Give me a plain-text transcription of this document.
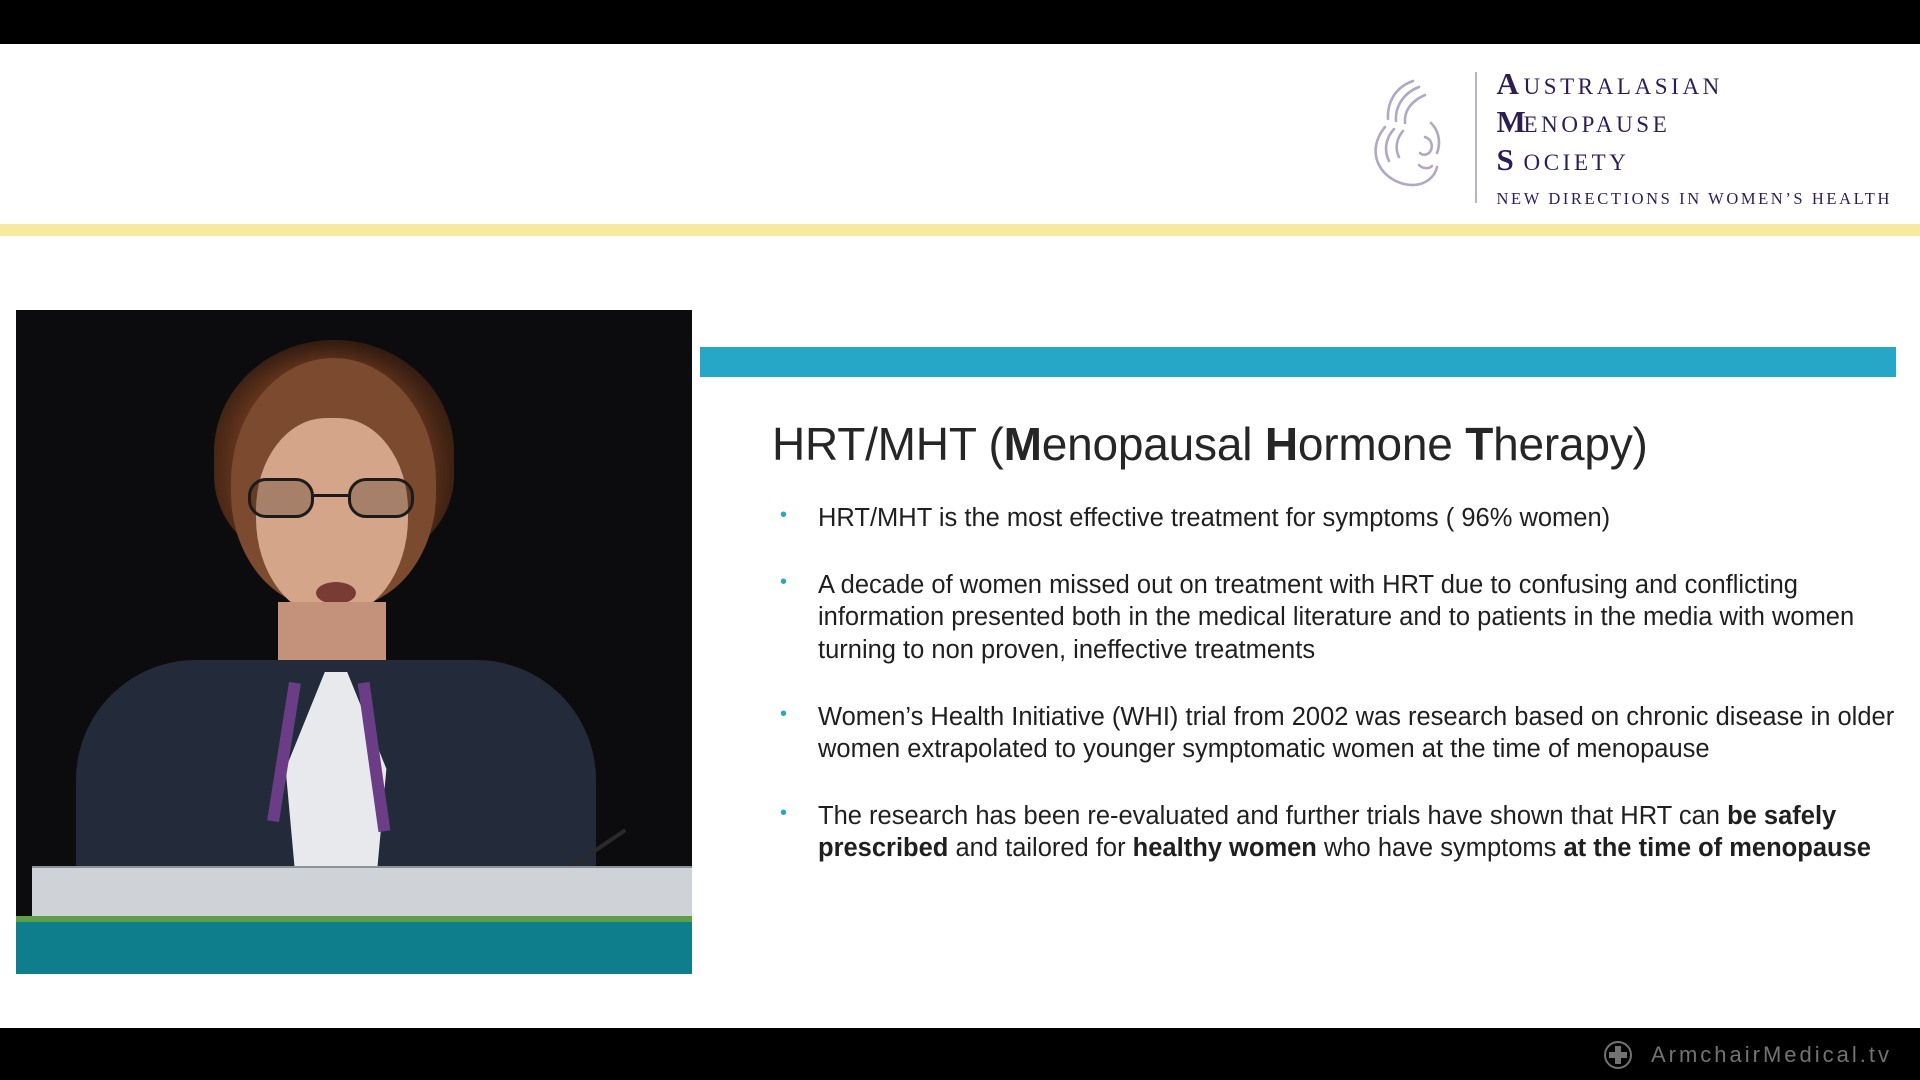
A USTRALASIAN
M
ENOPAUSE
S OCIETY
NEW DIRECTIONS IN WOMEN’S HEALTH
HRT/MHT (Menopausal Hormone Therapy)
• HRT/MHT is the most effective treatment for symptoms ( 96% women)
• A decade of women missed out on treatment with HRT due to confusing and conflicting information presented both in the medical literature and to patients in the media with women turning to non proven, ineffective treatments
• Women’s Health Initiative (WHI) trial from 2002 was research based on chronic disease in older women extrapolated to younger symptomatic women at the time of menopause
• The research has been re-evaluated and further trials have shown that HRT can be safely prescribed and tailored for healthy women who have symptoms at the time of menopause
ArmchairMedical.tv
